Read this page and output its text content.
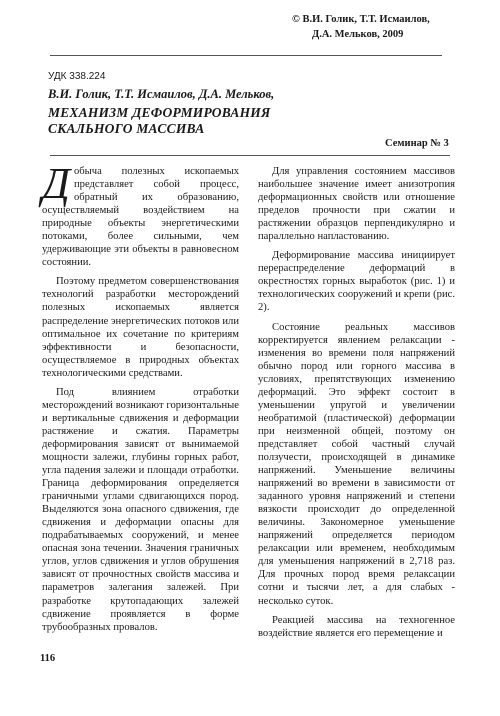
© В.И. Голик, Т.Т. Исмаилов,
Д.А. Мельков, 2009
УДК 338.224
В.И. Голик, Т.Т. Исмаилов, Д.А. Мельков,
МЕХАНИЗМ ДЕФОРМИРОВАНИЯ
СКАЛЬНОГО МАССИВА
Семинар № 3

Добыча полезных ископаемых представляет собой процесс, обратный их образованию, осуществляемый воздействием на природные объекты энергетическими потоками, более сильными, чем удерживающие эти объекты в равновесном состоянии.

Поэтому предметом совершенствования технологий разработки месторождений полезных ископаемых является распределение энергетических потоков или оптимальное их сочетание по критериям эффективности и безопасности, осуществляемое в природных объектах технологическими средствами.

Под влиянием отработки месторождений возникают горизонтальные и вертикальные сдвижения и деформации растяжение и сжатия. Параметры деформирования зависят от вынимаемой мощности залежи, глубины горных работ, угла падения залежи и площади отработки. Граница деформирования определяется граничными углами сдвигающихся пород. Выделяются зона опасного сдвижения, где сдвижения и деформации опасны для подрабатываемых сооружений, и менее опасная зона течении. Значения граничных углов, углов сдвижения и углов обрушения зависят от прочностных свойств массива и параметров залегания залежей. При разработке крутопадающих залежей сдвижение проявляется в форме трубообразных провалов.

Для управления состоянием массивов наибольшее значение имеет анизотропия деформационных свойств или отношение пределов прочности при сжатии и растяжении образцов перпендикулярно и параллельно напластованию.

Деформирование массива инициирует перераспределение деформаций в окрестностях горных выработок (рис. 1) и технологических сооружений и крепи (рис. 2).

Состояние реальных массивов корректируется явлением релаксации - изменения во времени поля напряжений обычно пород или горного массива в условиях, препятствующих изменению деформаций. Это эффект состоит в уменьшении упругой и увеличении необратимой (пластической) деформации при неизменной общей, поэтому он представляет собой частный случай ползучести, происходящей в динамике напряжений. Уменьшение величины напряжений во времени в зависимости от заданного уровня напряжений и степени вязкости происходит до определенной величины. Закономерное уменьшение напряжений определяется периодом релаксации или временем, необходимым для уменьшения напряжений в 2,718 раз. Для прочных пород время релаксации сотни и тысячи лет, а для слабых - несколько суток.

Реакцией массива на техногенное воздействие является его перемещение и

116
